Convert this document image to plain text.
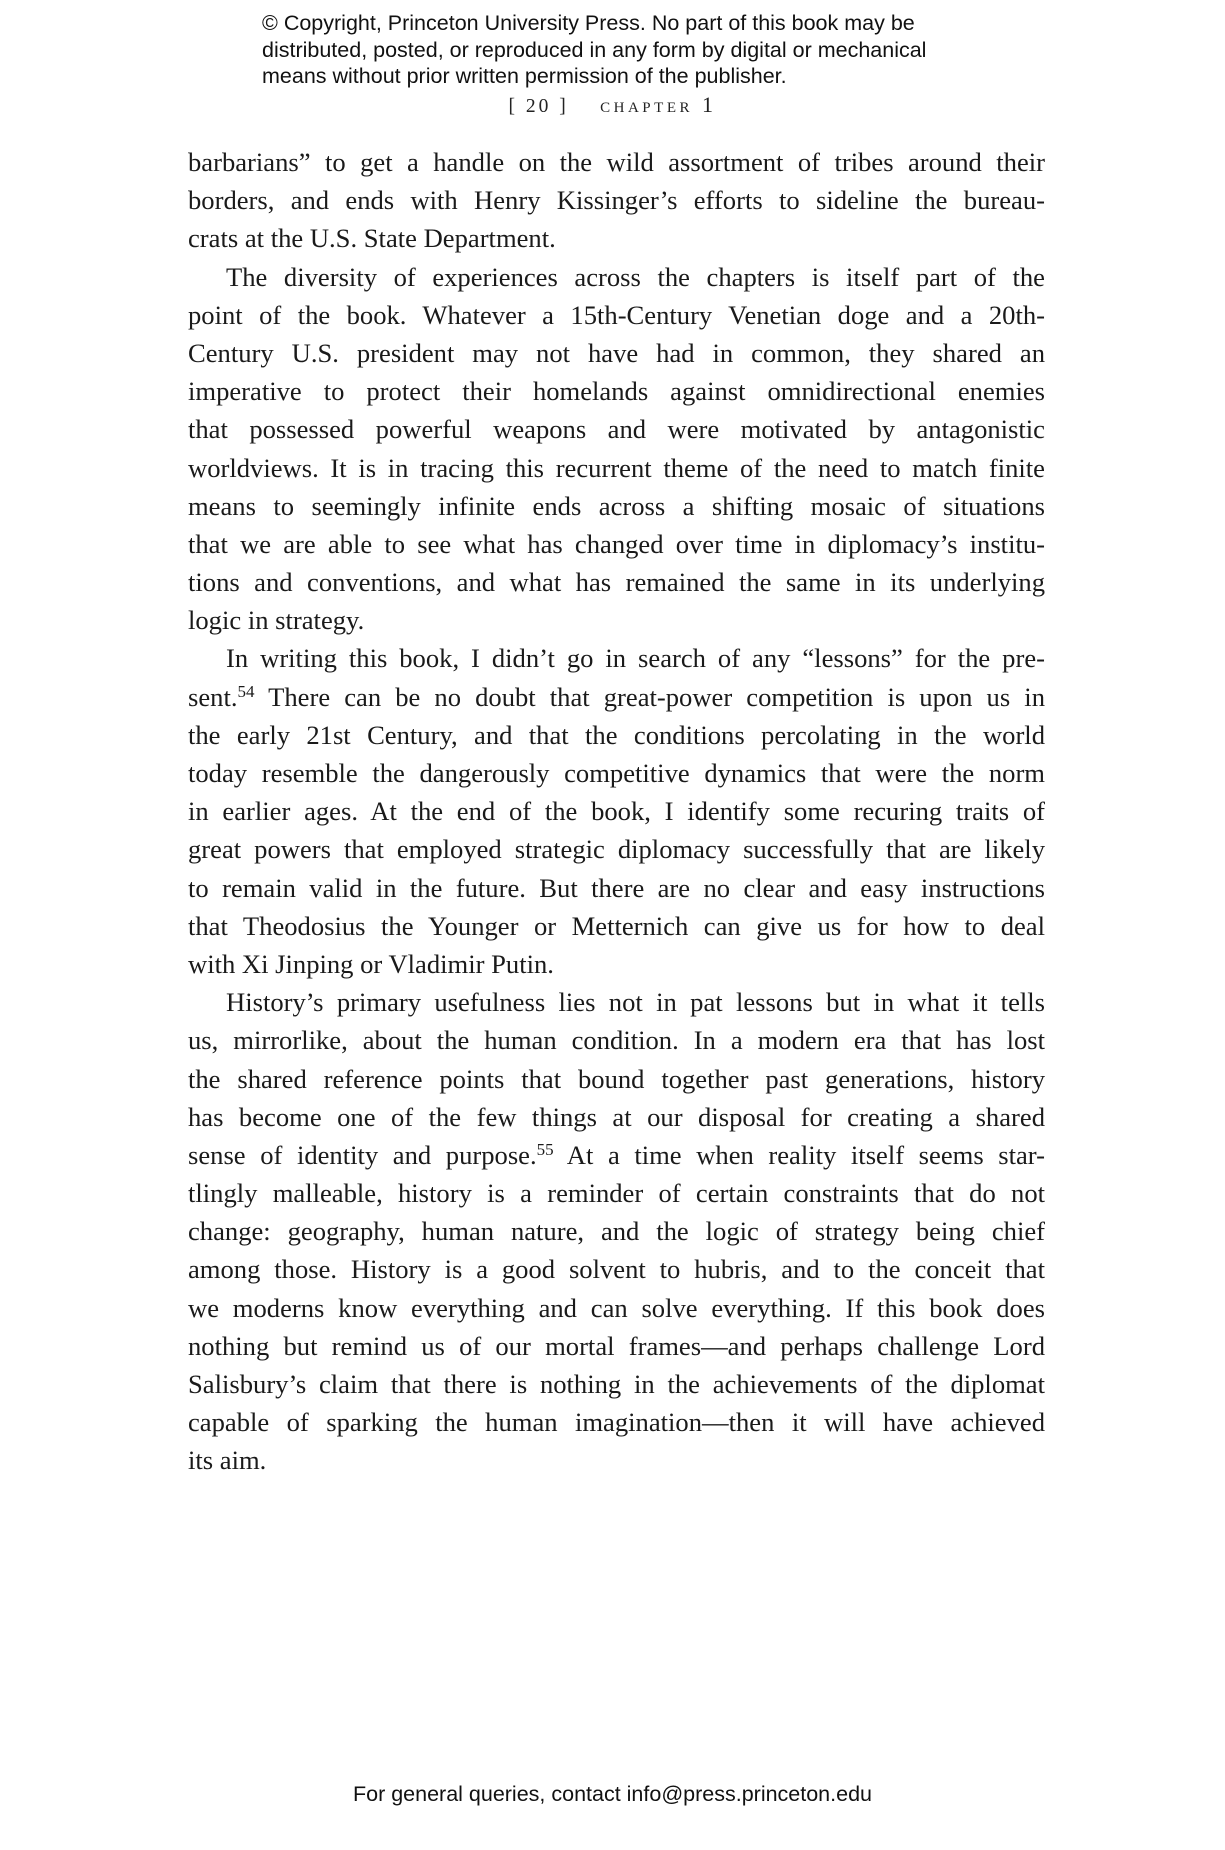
© Copyright, Princeton University Press. No part of this book may be
distributed, posted, or reproduced in any form by digital or mechanical
means without prior written permission of the publisher.
[ 20 ] chapter 1
barbarians” to get a handle on the wild assortment of tribes around their
borders, and ends with Henry Kissinger’s efforts to sideline the bureau-
crats at the U.S. State Department.
The diversity of experiences across the chapters is itself part of the
point of the book. Whatever a 15th-Century Venetian doge and a 20th-
Century U.S. president may not have had in common, they shared an
imperative to protect their homelands against omnidirectional enemies
that possessed powerful weapons and were motivated by antagonistic
worldviews. It is in tracing this recurrent theme of the need to match finite
means to seemingly infinite ends across a shifting mosaic of situations
that we are able to see what has changed over time in diplomacy’s institu-
tions and conventions, and what has remained the same in its underlying
logic in strategy.
In writing this book, I didn’t go in search of any “lessons” for the pre-
sent.$^{54}$ There can be no doubt that great-power competition is upon us in
the early 21st Century, and that the conditions percolating in the world
today resemble the dangerously competitive dynamics that were the norm
in earlier ages. At the end of the book, I identify some recuring traits of
great powers that employed strategic diplomacy successfully that are likely
to remain valid in the future. But there are no clear and easy instructions
that Theodosius the Younger or Metternich can give us for how to deal
with Xi Jinping or Vladimir Putin.
History’s primary usefulness lies not in pat lessons but in what it tells
us, mirrorlike, about the human condition. In a modern era that has lost
the shared reference points that bound together past generations, history
has become one of the few things at our disposal for creating a shared
sense of identity and purpose.$^{55}$ At a time when reality itself seems star-
tlingly malleable, history is a reminder of certain constraints that do not
change: geography, human nature, and the logic of strategy being chief
among those. History is a good solvent to hubris, and to the conceit that
we moderns know everything and can solve everything. If this book does
nothing but remind us of our mortal frames—and perhaps challenge Lord
Salisbury’s claim that there is nothing in the achievements of the diplomat
capable of sparking the human imagination—then it will have achieved
its aim.
For general queries, contact info@press.princeton.edu
